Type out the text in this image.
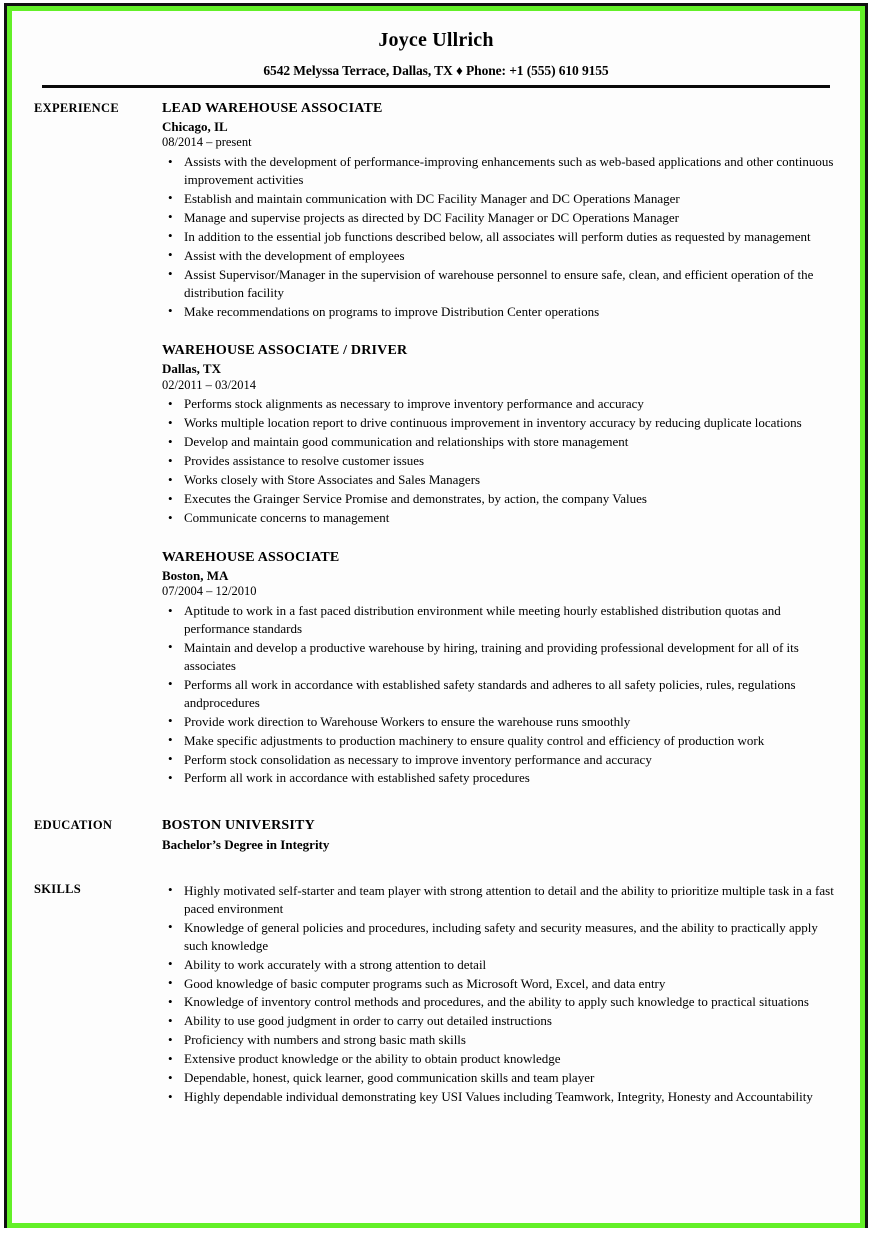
Joyce Ullrich
6542 Melyssa Terrace, Dallas, TX ♦ Phone: +1 (555) 610 9155
EXPERIENCE	LEAD WAREHOUSE ASSOCIATE
Chicago, IL
08/2014 – present
• Assists with the development of performance-improving enhancements such as web-based applications and other continuous improvement activities
• Establish and maintain communication with DC Facility Manager and DC Operations Manager
• Manage and supervise projects as directed by DC Facility Manager or DC Operations Manager
• In addition to the essential job functions described below, all associates will perform duties as requested by management
• Assist with the development of employees
• Assist Supervisor/Manager in the supervision of warehouse personnel to ensure safe, clean, and efficient operation of the distribution facility
• Make recommendations on programs to improve Distribution Center operations
WAREHOUSE ASSOCIATE / DRIVER
Dallas, TX
02/2011 – 03/2014
• Performs stock alignments as necessary to improve inventory performance and accuracy
• Works multiple location report to drive continuous improvement in inventory accuracy by reducing duplicate locations
• Develop and maintain good communication and relationships with store management
• Provides assistance to resolve customer issues
• Works closely with Store Associates and Sales Managers
• Executes the Grainger Service Promise and demonstrates, by action, the company Values
• Communicate concerns to management
WAREHOUSE ASSOCIATE
Boston, MA
07/2004 – 12/2010
• Aptitude to work in a fast paced distribution environment while meeting hourly established distribution quotas and performance standards
• Maintain and develop a productive warehouse by hiring, training and providing professional development for all of its associates
• Performs all work in accordance with established safety standards and adheres to all safety policies, rules, regulations andprocedures
• Provide work direction to Warehouse Workers to ensure the warehouse runs smoothly
• Make specific adjustments to production machinery to ensure quality control and efficiency of production work
• Perform stock consolidation as necessary to improve inventory performance and accuracy
• Perform all work in accordance with established safety procedures
EDUCATION	BOSTON UNIVERSITY
Bachelor’s Degree in Integrity
SKILLS	• Highly motivated self-starter and team player with strong attention to detail and the ability to prioritize multiple task in a fast paced environment
• Knowledge of general policies and procedures, including safety and security measures, and the ability to practically apply such knowledge
• Ability to work accurately with a strong attention to detail
• Good knowledge of basic computer programs such as Microsoft Word, Excel, and data entry
• Knowledge of inventory control methods and procedures, and the ability to apply such knowledge to practical situations
• Ability to use good judgment in order to carry out detailed instructions
• Proficiency with numbers and strong basic math skills
• Extensive product knowledge or the ability to obtain product knowledge
• Dependable, honest, quick learner, good communication skills and team player
• Highly dependable individual demonstrating key USI Values including Teamwork, Integrity, Honesty and Accountability
